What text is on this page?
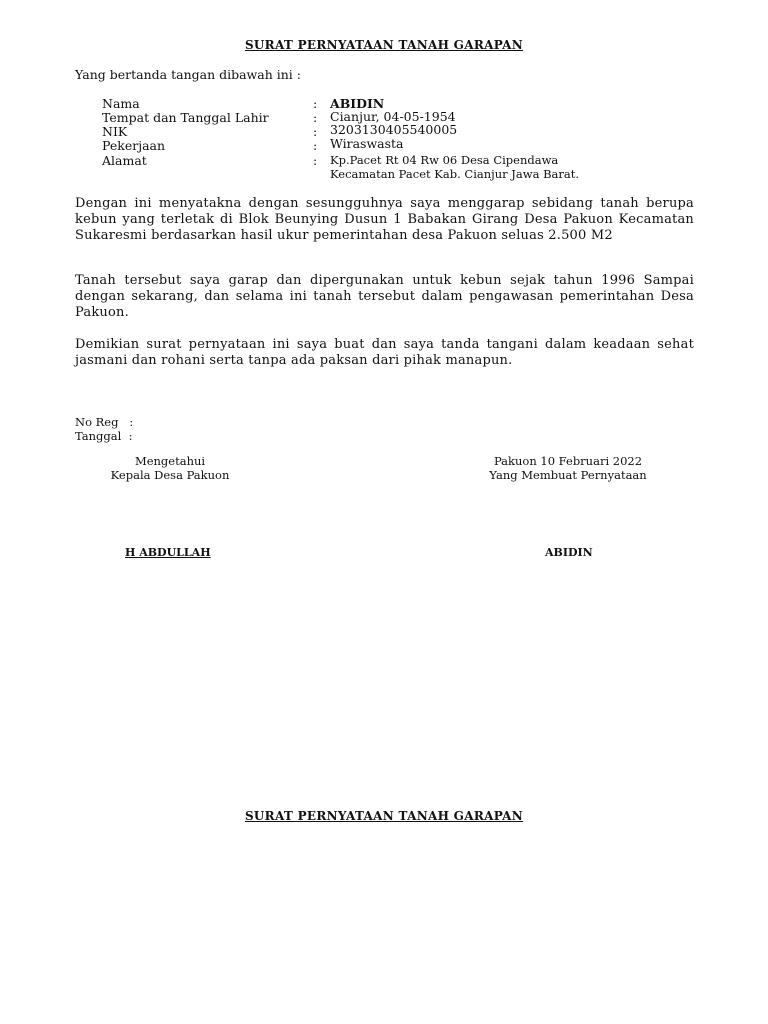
SURAT PERNYATAAN TANAH GARAPAN
Yang bertanda tangan dibawah ini :
Nama	: ABIDIN
Tempat dan Tanggal Lahir	: Cianjur, 04-05-1954
NIK	: 3203130405540005
Pekerjaan	: Wiraswasta
Alamat	: Kp.Pacet Rt 04 Rw 06 Desa Cipendawa
Kecamatan Pacet Kab. Cianjur Jawa Barat.
Dengan ini menyatakna dengan sesungguhnya saya menggarap sebidang tanah berupa kebun yang terletak di Blok Beunying Dusun 1 Babakan Girang Desa Pakuon Kecamatan Sukaresmi berdasarkan hasil ukur pemerintahan desa Pakuon seluas 2.500 M2
Tanah tersebut saya garap dan dipergunakan untuk kebun sejak tahun 1996 Sampai dengan sekarang, dan selama ini tanah tersebut dalam pengawasan pemerintahan Desa Pakuon.
Demikian surat pernyataan ini saya buat dan saya tanda tangani dalam keadaan sehat jasmani dan rohani serta tanpa ada paksan dari pihak manapun.
No Reg   :
Tanggal  :
Mengetahui
Kepala Desa Pakuon
Pakuon 10 Februari 2022
Yang Membuat Pernyataan
H ABDULLAH	ABIDIN
SURAT PERNYATAAN TANAH GARAPAN
